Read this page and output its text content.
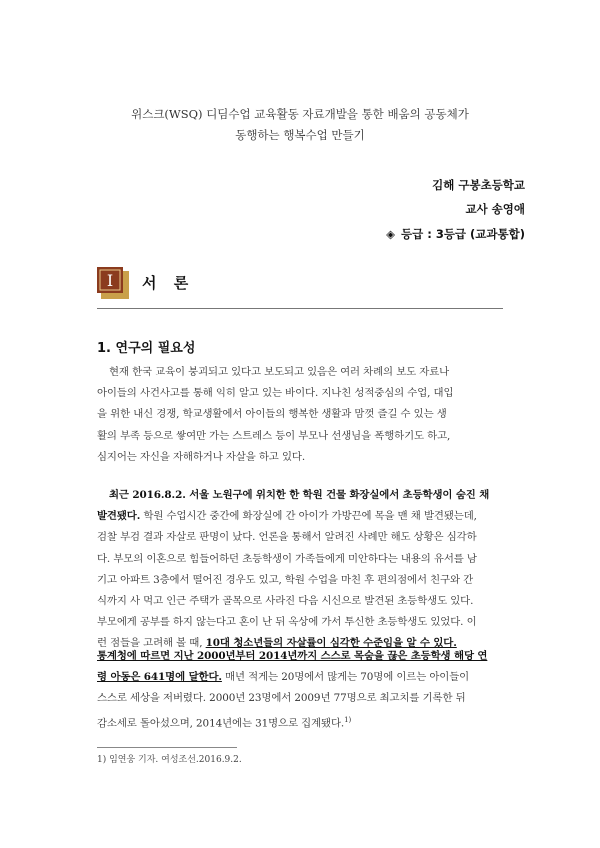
위스크(WSQ) 디딤수업 교육활동 자료개발을 통한 배움의 공동체가
동행하는 행복수업 만들기
김해 구봉초등학교
교사 송영애
◈ 등급 : 3등급 (교과통합)
I 서 론
1. 연구의 필요성
현재 한국 교육이 붕괴되고 있다고 보도되고 있음은 여러 차례의 보도 자료나
아이들의 사건사고를 통해 익히 알고 있는 바이다. 지나친 성적중심의 수업, 대입
을 위한 내신 경쟁, 학교생활에서 아이들의 행복한 생활과 맘껏 즐길 수 있는 생
활의 부족 등으로 쌓여만 가는 스트레스 등이 부모나 선생님을 폭행하기도 하고,
심지어는 자신을 자해하거나 자살을 하고 있다.
최근 2016.8.2. 서울 노원구에 위치한 한 학원 건물 화장실에서 초등학생이 숨진 채
발견됐다. 학원 수업시간 중간에 화장실에 간 아이가 가방끈에 목을 맨 채 발견됐는데,
검찰 부검 결과 자살로 판명이 났다. 언론을 통해서 알려진 사례만 해도 상황은 심각하
다. 부모의 이혼으로 힘들어하던 초등학생이 가족들에게 미안하다는 내용의 유서를 남
기고 아파트 3층에서 떨어진 경우도 있고, 학원 수업을 마친 후 편의점에서 친구와 간
식까지 사 먹고 인근 주택가 골목으로 사라진 다음 시신으로 발견된 초등학생도 있다.
부모에게 공부를 하지 않는다고 혼이 난 뒤 옥상에 가서 투신한 초등학생도 있었다. 이
런 점들을 고려해 볼 때, 10대 청소년들의 자살률이 심각한 수준임을 알 수 있다.
통계청에 따르면 지난 2000년부터 2014년까지 스스로 목숨을 끊은 초등학생 해당 연
령 아동은 641명에 달한다. 매년 적게는 20명에서 많게는 70명에 이르는 아이들이
스스로 세상을 저버렸다. 2000년 23명에서 2009년 77명으로 최고치를 기록한 뒤
감소세로 돌아섰으며, 2014년에는 31명으로 집계됐다.$^{1)}$
1) 임연웅 기자. 여성조선.2016.9.2.
